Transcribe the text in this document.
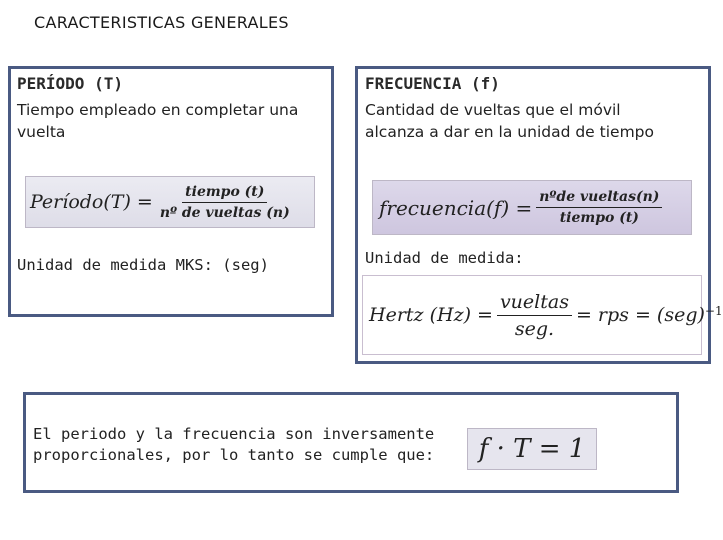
CARACTERISTICAS GENERALES
PERÍODO (T)
Tiempo empleado en completar una vuelta
Período(T) = $\frac{\text{tiempo (t)}}{\text{nº de vueltas (n)}}$
Unidad de medida MKS: (seg)
FRECUENCIA (f)
Cantidad de vueltas que el móvil alcanza a dar en la unidad de tiempo
frecuencia(f) = $\frac{\text{nºde vueltas(n)}}{\text{tiempo (t)}}$
Unidad de medida:
Hertz $(Hz) = \frac{\text{vueltas}}{\text{seg.}}$ = rps = (seg)$^{-1}$
El periodo y la frecuencia son inversamente proporcionales, por lo tanto se cumple que:	f · T = 1
